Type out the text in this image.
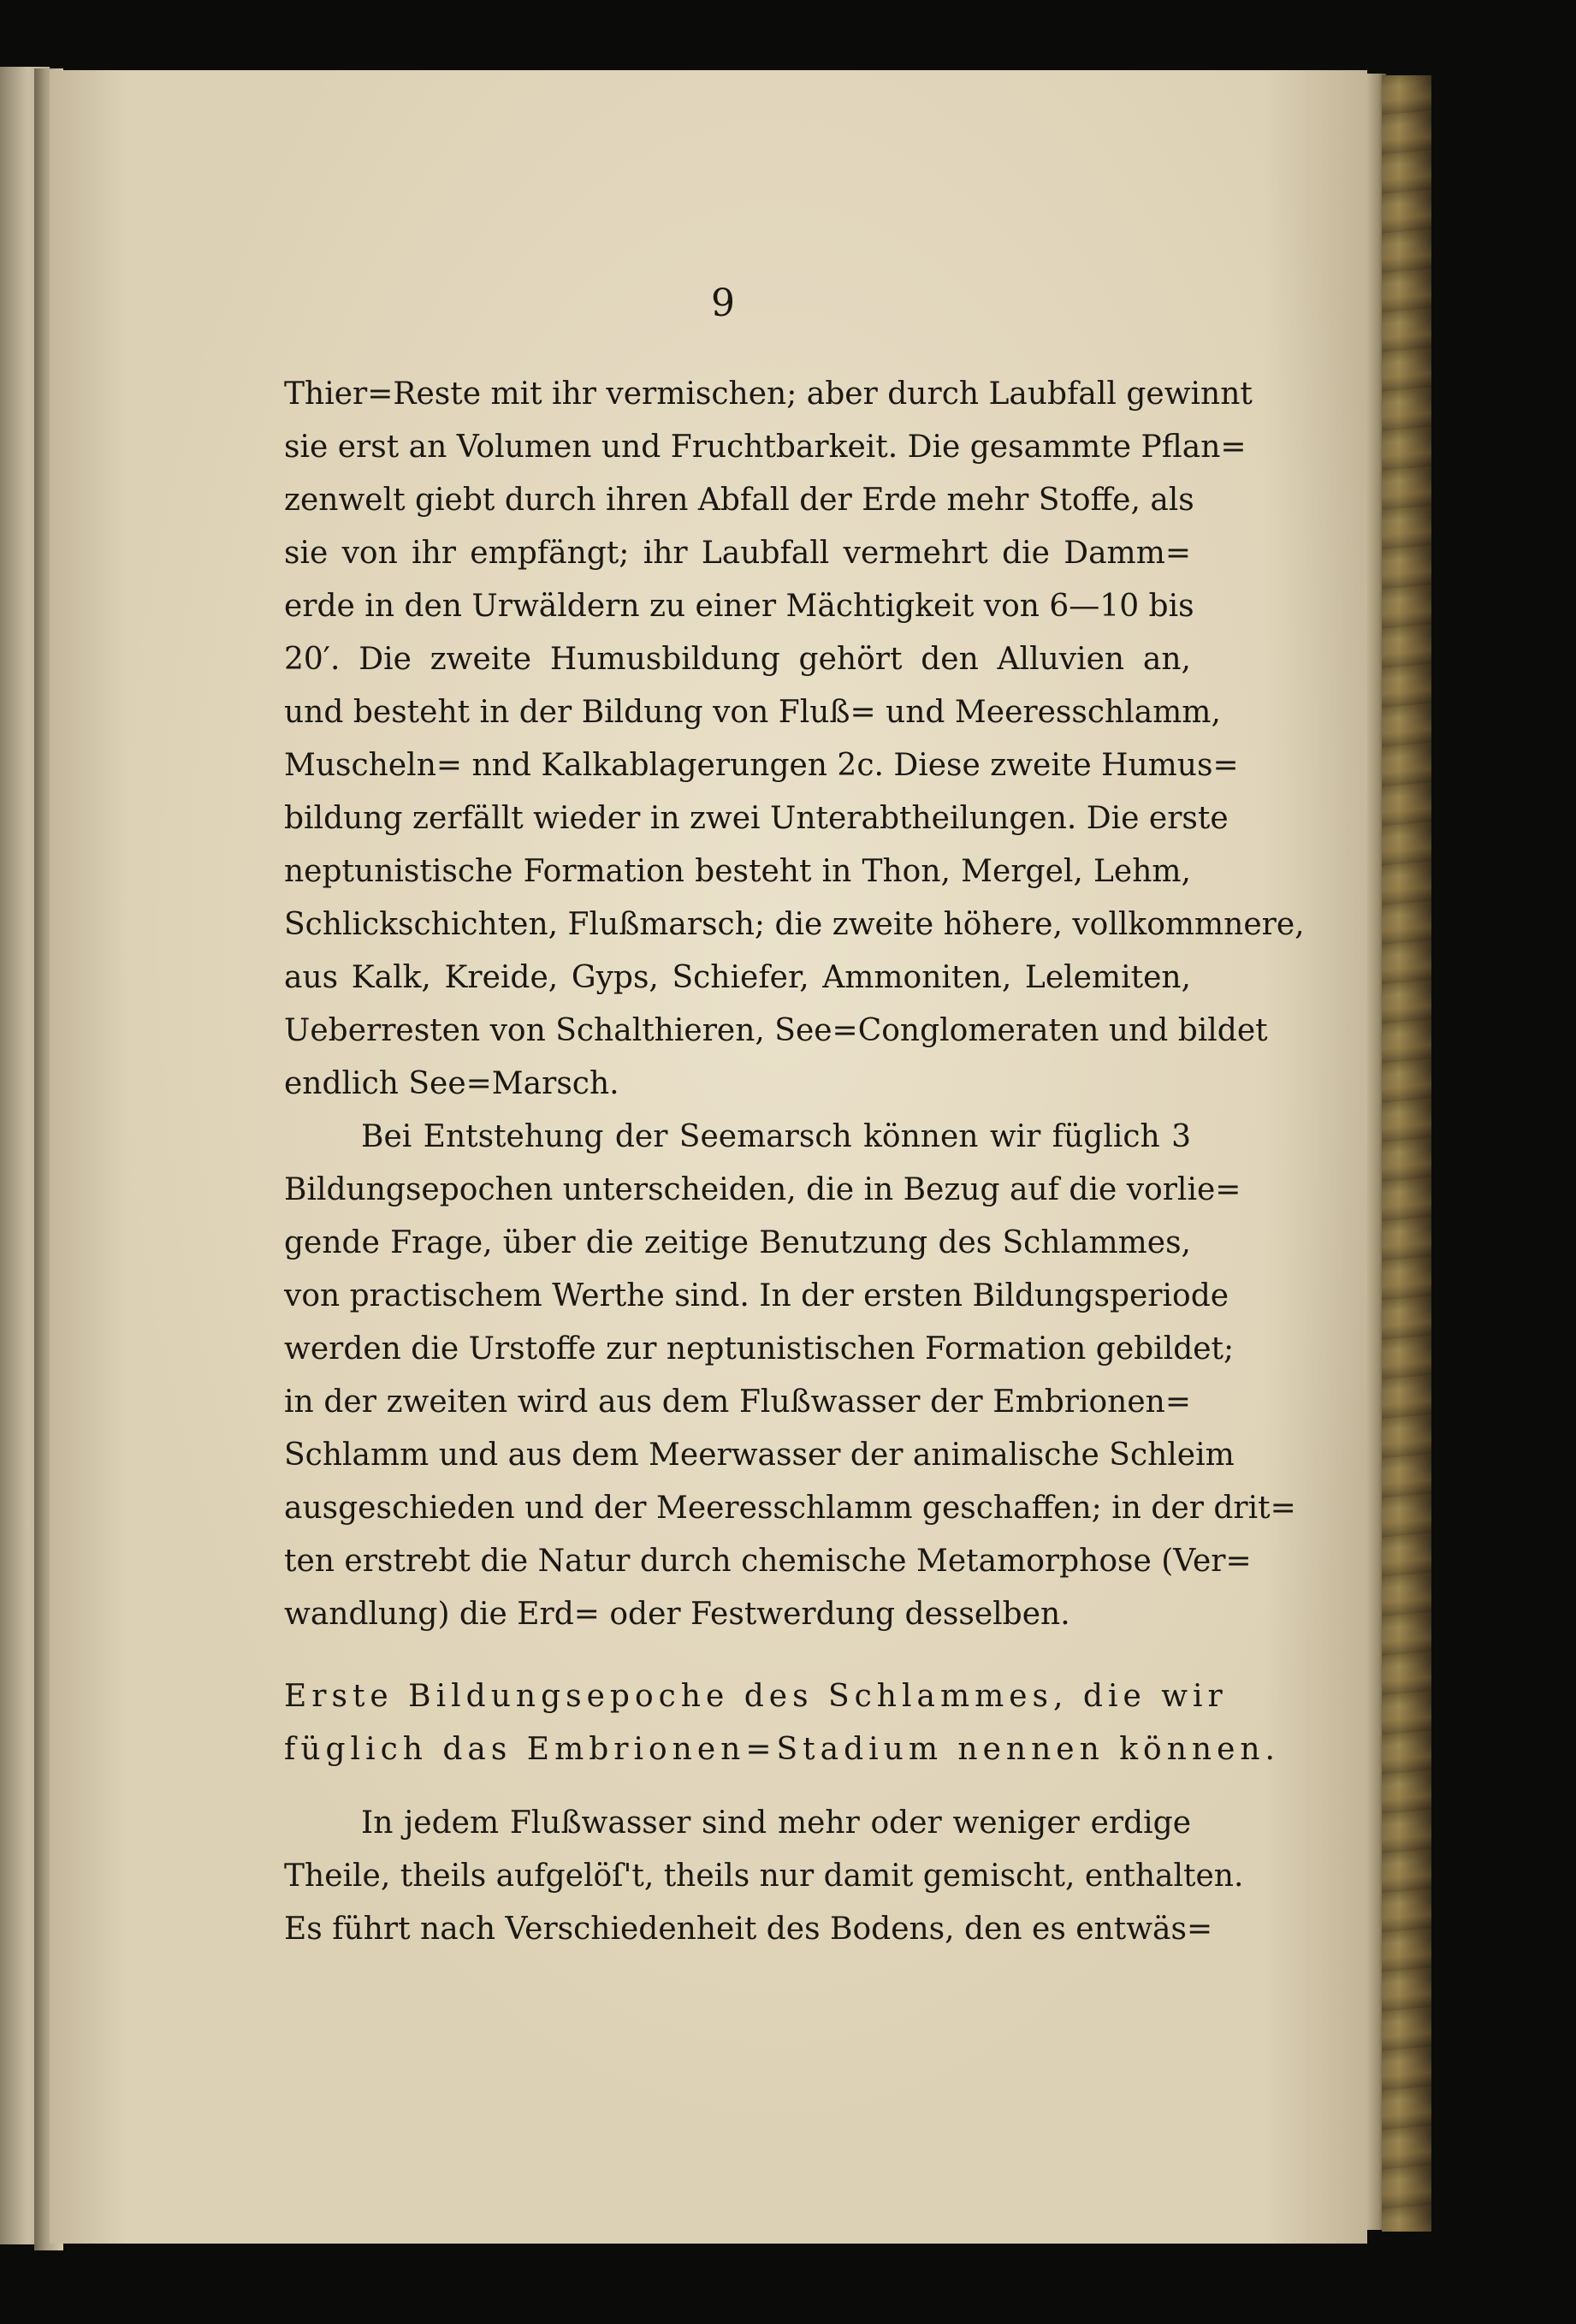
9
Thier=Reste mit ihr vermischen; aber durch Laubfall gewinnt
sie erst an Volumen und Fruchtbarkeit. Die gesammte Pflan=
zenwelt giebt durch ihren Abfall der Erde mehr Stoffe, als
sie von ihr empfängt; ihr Laubfall vermehrt die Damm=
erde in den Urwäldern zu einer Mächtigkeit von 6—10 bis
20′. Die zweite Humusbildung gehört den Alluvien an,
und besteht in der Bildung von Fluß= und Meeresschlamm,
Muscheln= nnd Kalkablagerungen 2c. Diese zweite Humus=
bildung zerfällt wieder in zwei Unterabtheilungen. Die erste
neptunistische Formation besteht in Thon, Mergel, Lehm,
Schlickschichten, Flußmarsch; die zweite höhere, vollkommnere,
aus Kalk, Kreide, Gyps, Schiefer, Ammoniten, Lelemiten,
Ueberresten von Schalthieren, See=Conglomeraten und bildet
endlich See=Marsch.
Bei Entstehung der Seemarsch können wir füglich 3
Bildungsepochen unterscheiden, die in Bezug auf die vorlie=
gende Frage, über die zeitige Benutzung des Schlammes,
von practischem Werthe sind. In der ersten Bildungsperiode
werden die Urstoffe zur neptunistischen Formation gebildet;
in der zweiten wird aus dem Flußwasser der Embrionen=
Schlamm und aus dem Meerwasser der animalische Schleim
ausgeschieden und der Meeresschlamm geschaffen; in der drit=
ten erstrebt die Natur durch chemische Metamorphose (Ver=
wandlung) die Erd= oder Festwerdung desselben.
Erste Bildungsepoche des Schlammes, die wir
füglich das Embrionen=Stadium nennen können.
In jedem Flußwasser sind mehr oder weniger erdige
Theile, theils aufgelöſ't, theils nur damit gemischt, enthalten.
Es führt nach Verschiedenheit des Bodens, den es entwäs=
